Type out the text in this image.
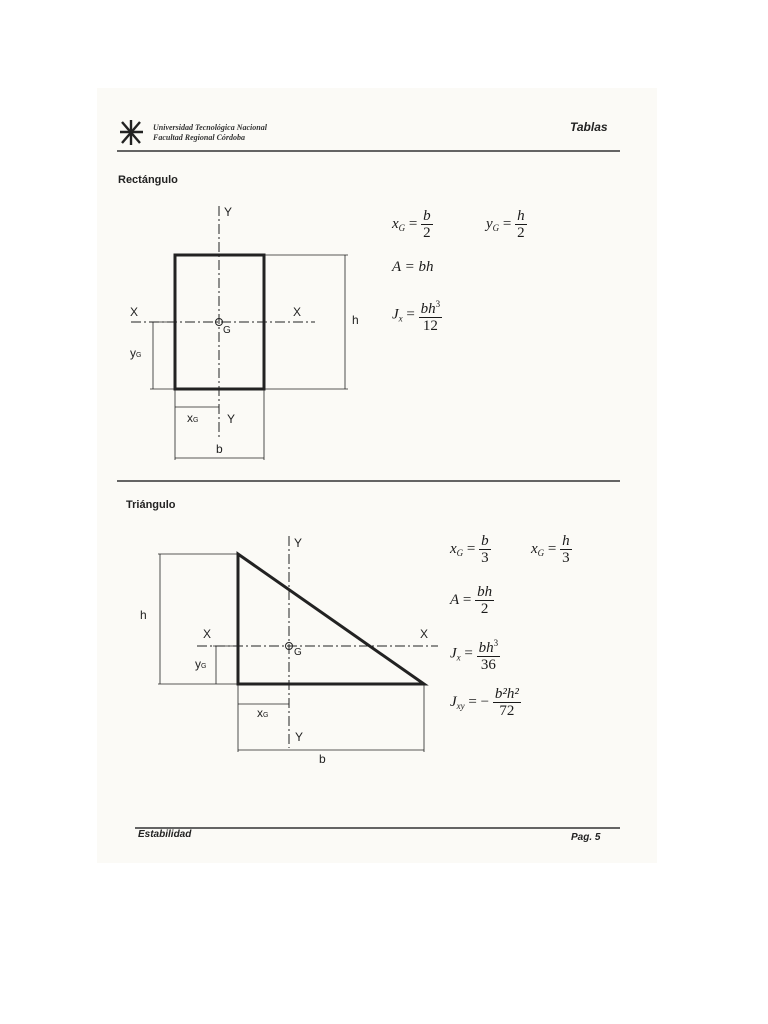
Universidad Tecnológica Nacional
Facultad Regional Córdoba
Tablas
Rectángulo
Y
X	X
h
G
yG
xG Y
b
$x_G = \frac{b}{2}$	$y_G = \frac{h}{2}$
A = bh
$J_x = \frac{bh^3}{12}$
Triángulo
Y
h
X	X
G
yG
xG
Y
b
$x_G = \frac{b}{3}$	$x_G = \frac{h}{3}$
$A = \frac{bh}{2}$
$J_x = \frac{bh^3}{36}$
$J_{xy}$ = − $\frac{\text{b²h²}}{72}$
Estabilidad	Pag. 5
